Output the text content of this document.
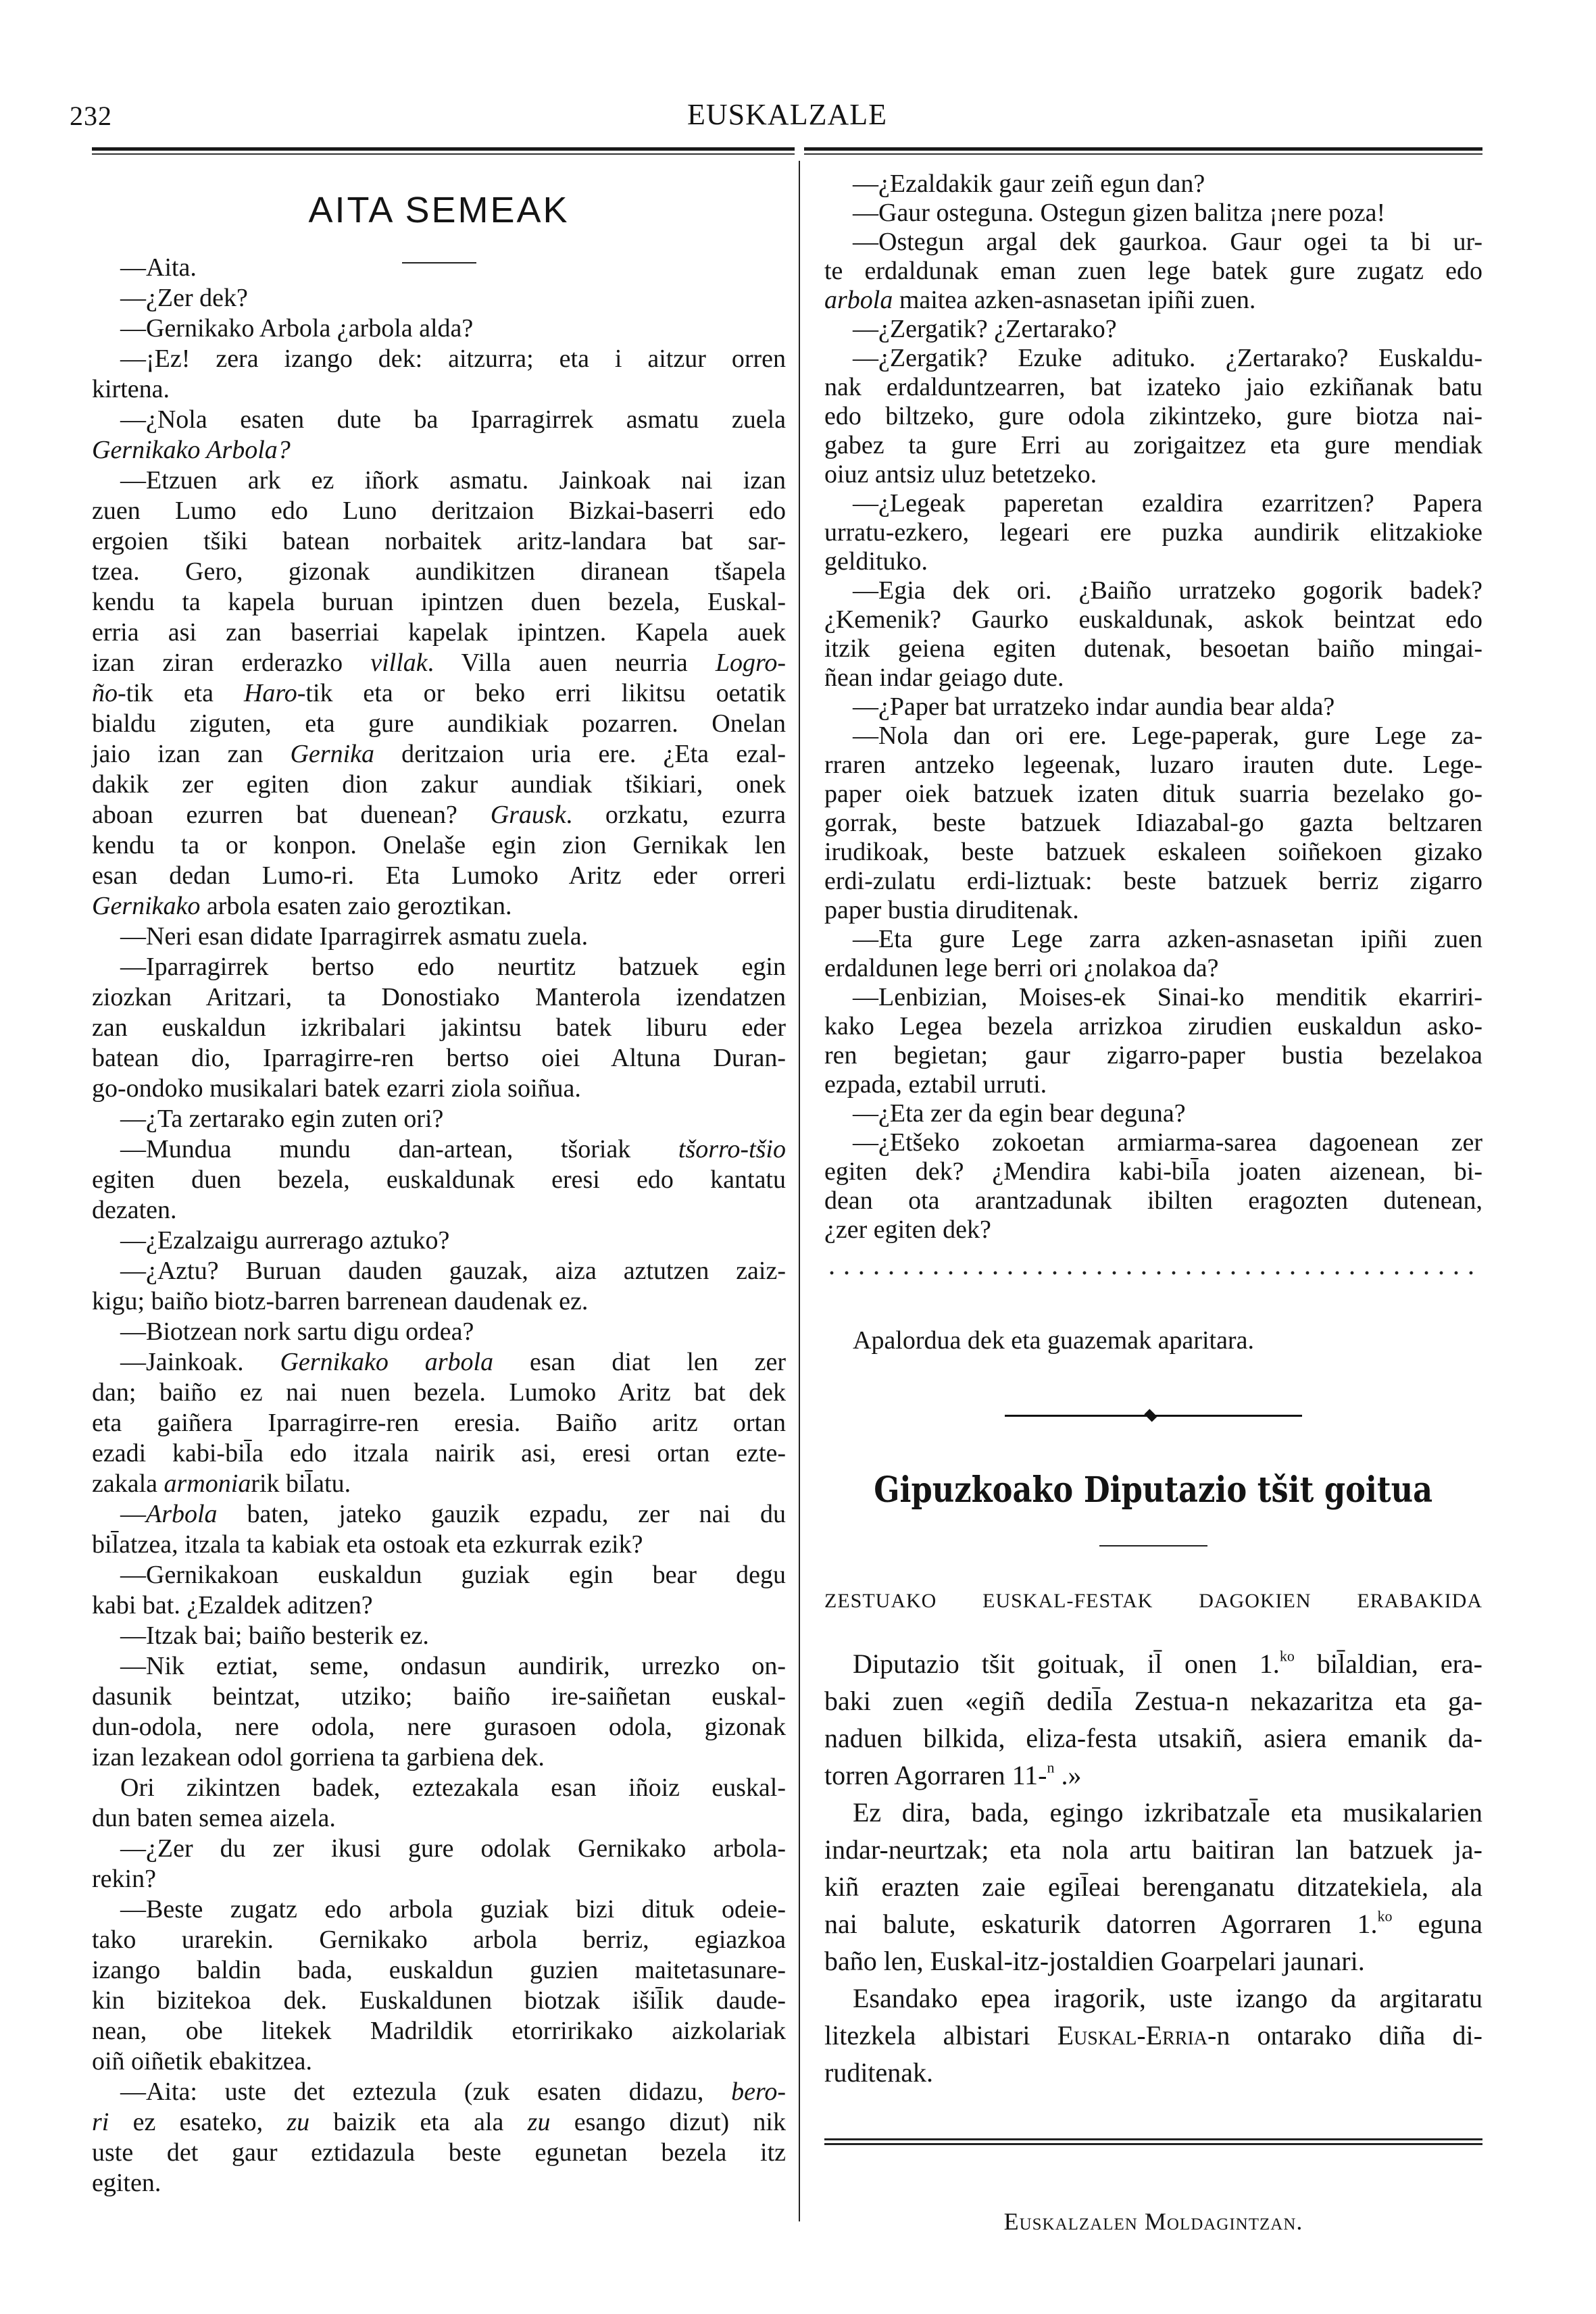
232	EUSKALZALE
AITA SEMEAK
—Aita.
—¿Zer dek?
—Gernikako Arbola ¿arbola alda?
—¡Ez! zera izango dek: aitzurra; eta i aitzur orren
kirtena.
—¿Nola esaten dute ba Iparragirrek asmatu zuela
Gernikako Arbola?
—Etzuen ark ez iñork asmatu. Jainkoak nai izan
zuen Lumo edo Luno deritzaion Bizkai-baserri edo
ergoien tšiki batean norbaitek aritz-landara bat sar-
tzea. Gero, gizonak aundikitzen diranean tšapela
kendu ta kapela buruan ipintzen duen bezela, Euskal-
erria asi zan baserriai kapelak ipintzen. Kapela auek
izan ziran erderazko villak. Villa auen neurria Logro-
ño-tik eta Haro-tik eta or beko erri likitsu oetatik
bialdu ziguten, eta gure aundikiak pozarren. Onelan
jaio izan zan Gernika deritzaion uria ere. ¿Eta ezal-
dakik zer egiten dion zakur aundiak tšikiari, onek
aboan ezurren bat duenean? Grausk. orzkatu, ezurra
kendu ta or konpon. Onelaše egin zion Gernikak len
esan dedan Lumo-ri. Eta Lumoko Aritz eder orreri
Gernikako arbola esaten zaio geroztikan.
—Neri esan didate Iparragirrek asmatu zuela.
—Iparragirrek bertso edo neurtitz batzuek egin
ziozkan Aritzari, ta Donostiako Manterola izendatzen
zan euskaldun izkribalari jakintsu batek liburu eder
batean dio, Iparragirre-ren bertso oiei Altuna Duran-
go-ondoko musikalari batek ezarri ziola soiñua.
—¿Ta zertarako egin zuten ori?
—Mundua mundu dan-artean, tšoriak tšorro-tšio
egiten duen bezela, euskaldunak eresi edo kantatu
dezaten.
—¿Ezalzaigu aurrerago aztuko?
—¿Aztu? Buruan dauden gauzak, aiza aztutzen zaiz-
kigu; baiño biotz-barren barrenean daudenak ez.
—Biotzean nork sartu digu ordea?
—Jainkoak. Gernikako arbola esan diat len zer
dan; baiño ez nai nuen bezela. Lumoko Aritz bat dek
eta gaiñera Iparragirre-ren eresia. Baiño aritz ortan
ezadi kabi-bil̄a edo itzala nairik asi, eresi ortan ezte-
zakala armoniarik bil̄atu.
—Arbola baten, jateko gauzik ezpadu, zer nai du
bil̄atzea, itzala ta kabiak eta ostoak eta ezkurrak ezik?
—Gernikakoan euskaldun guziak egin bear degu
kabi bat. ¿Ezaldek aditzen?
—Itzak bai; baiño besterik ez.
—Nik eztiat, seme, ondasun aundirik, urrezko on-
dasunik beintzat, utziko; baiño ire-saiñetan euskal-
dun-odola, nere odola, nere gurasoen odola, gizonak
izan lezakean odol gorriena ta garbiena dek.
Ori zikintzen badek, eztezakala esan iñoiz euskal-
dun baten semea aizela.
—¿Zer du zer ikusi gure odolak Gernikako arbola-
rekin?
—Beste zugatz edo arbola guziak bizi dituk odeie-
tako urarekin. Gernikako arbola berriz, egiazkoa
izango baldin bada, euskaldun guzien maitetasunare-
kin bizitekoa dek. Euskaldunen biotzak išil̄ik daude-
nean, obe litekek Madrildik etorririkako aizkolariak
oiñ oiñetik ebakitzea.
—Aita: uste det eztezula (zuk esaten didazu, bero-
ri ez esateko, zu baizik eta ala zu esango dizut) nik
uste det gaur eztidazula beste egunetan bezela itz
egiten.
—¿Ezaldakik gaur zeiñ egun dan?
—Gaur osteguna. Ostegun gizen balitza ¡nere poza!
—Ostegun argal dek gaurkoa. Gaur ogei ta bi ur-
te erdaldunak eman zuen lege batek gure zugatz edo
arbola maitea azken-asnasetan ipiñi zuen.
—¿Zergatik? ¿Zertarako?
—¿Zergatik? Ezuke adituko. ¿Zertarako? Euskaldu-
nak erdalduntzearren, bat izateko jaio ezkiñanak batu
edo biltzeko, gure odola zikintzeko, gure biotza nai-
gabez ta gure Erri au zorigaitzez eta gure mendiak
oiuz antsiz uluz betetzeko.
—¿Legeak paperetan ezaldira ezarritzen? Papera
urratu-ezkero, legeari ere puzka aundirik elitzakioke
geldituko.
—Egia dek ori. ¿Baiño urratzeko gogorik badek?
¿Kemenik? Gaurko euskaldunak, askok beintzat edo
itzik geiena egiten dutenak, besoetan baiño mingai-
ñean indar geiago dute.
—¿Paper bat urratzeko indar aundia bear alda?
—Nola dan ori ere. Lege-paperak, gure Lege za-
rraren antzeko legeenak, luzaro irauten dute. Lege-
paper oiek batzuek izaten dituk suarria bezelako go-
gorrak, beste batzuek Idiazabal-go gazta beltzaren
irudikoak, beste batzuek eskaleen soiñekoen gizako
erdi-zulatu erdi-liztuak: beste batzuek berriz zigarro
paper bustia diruditenak.
—Eta gure Lege zarra azken-asnasetan ipiñi zuen
erdaldunen lege berri ori ¿nolakoa da?
—Lenbizian, Moises-ek Sinai-ko menditik ekarriri-
kako Legea bezela arrizkoa zirudien euskaldun asko-
ren begietan; gaur zigarro-paper bustia bezelakoa
ezpada, eztabil urruti.
—¿Eta zer da egin bear deguna?
—¿Etšeko zokoetan armiarma-sarea dagoenean zer
egiten dek? ¿Mendira kabi-bil̄a joaten aizenean, bi-
dean ota arantzadunak ibilten eragozten dutenean,
¿zer egiten dek?
Apalordua dek eta guazemak aparitara.
Gipuzkoako Diputazio tšit goitua
ZESTUAKO EUSKAL-FESTAK DAGOKIEN ERABAKIDA
Diputazio tšit goituak, il̄ onen 1.$^{ko}$ bil̄aldian, era-
baki zuen «egiñ dedil̄a Zestua-n nekazaritza eta ga-
naduen bilkida, eliza-festa utsakiñ, asiera emanik da-
torren Agorraren 11-$^n$ .»
Ez dira, bada, egingo izkribatzal̄e eta musikalarien
indar-neurtzak; eta nola artu baitiran lan batzuek ja-
kiñ erazten zaie egil̄eai berenganatu ditzatekiela, ala
nai balute, eskaturik datorren Agorraren 1.$^{ko}$ eguna
baño len, Euskal-itz-jostaldien Goarpelari jaunari.
Esandako epea iragorik, uste izango da argitaratu
litezkela albistari Euskal-Erria-n ontarako diña di-
ruditenak.
Euskalzalen Moldagintzan.
